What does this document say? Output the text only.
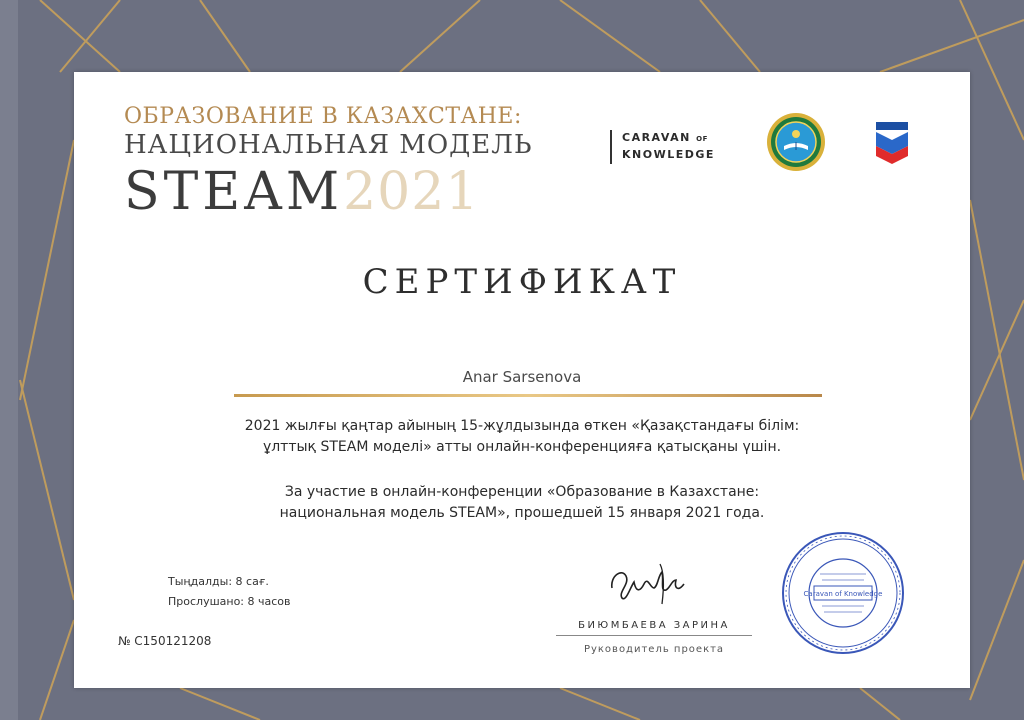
ОБРАЗОВАНИЕ В КАЗАХСТАНЕ:
НАЦИОНАЛЬНАЯ МОДЕЛЬ
STEAM2021
CARAVAN OF
KNOWLEDGE
СЕРТИФИКАТ
Anar Sarsenova
2021 жылғы қаңтар айының 15-жұлдызында өткен «Қазақстандағы білім:
ұлттық STEAM моделі» атты онлайн-конференцияға қатысқаны үшін.
За участие в онлайн-конференции «Образование в Казахстане:
национальная модель STEAM», прошедшей 15 января 2021 года.
Тыңдалды: 8 сағ.
Прослушано: 8 часов
№ C150121208
БИЮМБАЕВА ЗАРИНА
Руководитель проекта
Caravan of Knowledge
